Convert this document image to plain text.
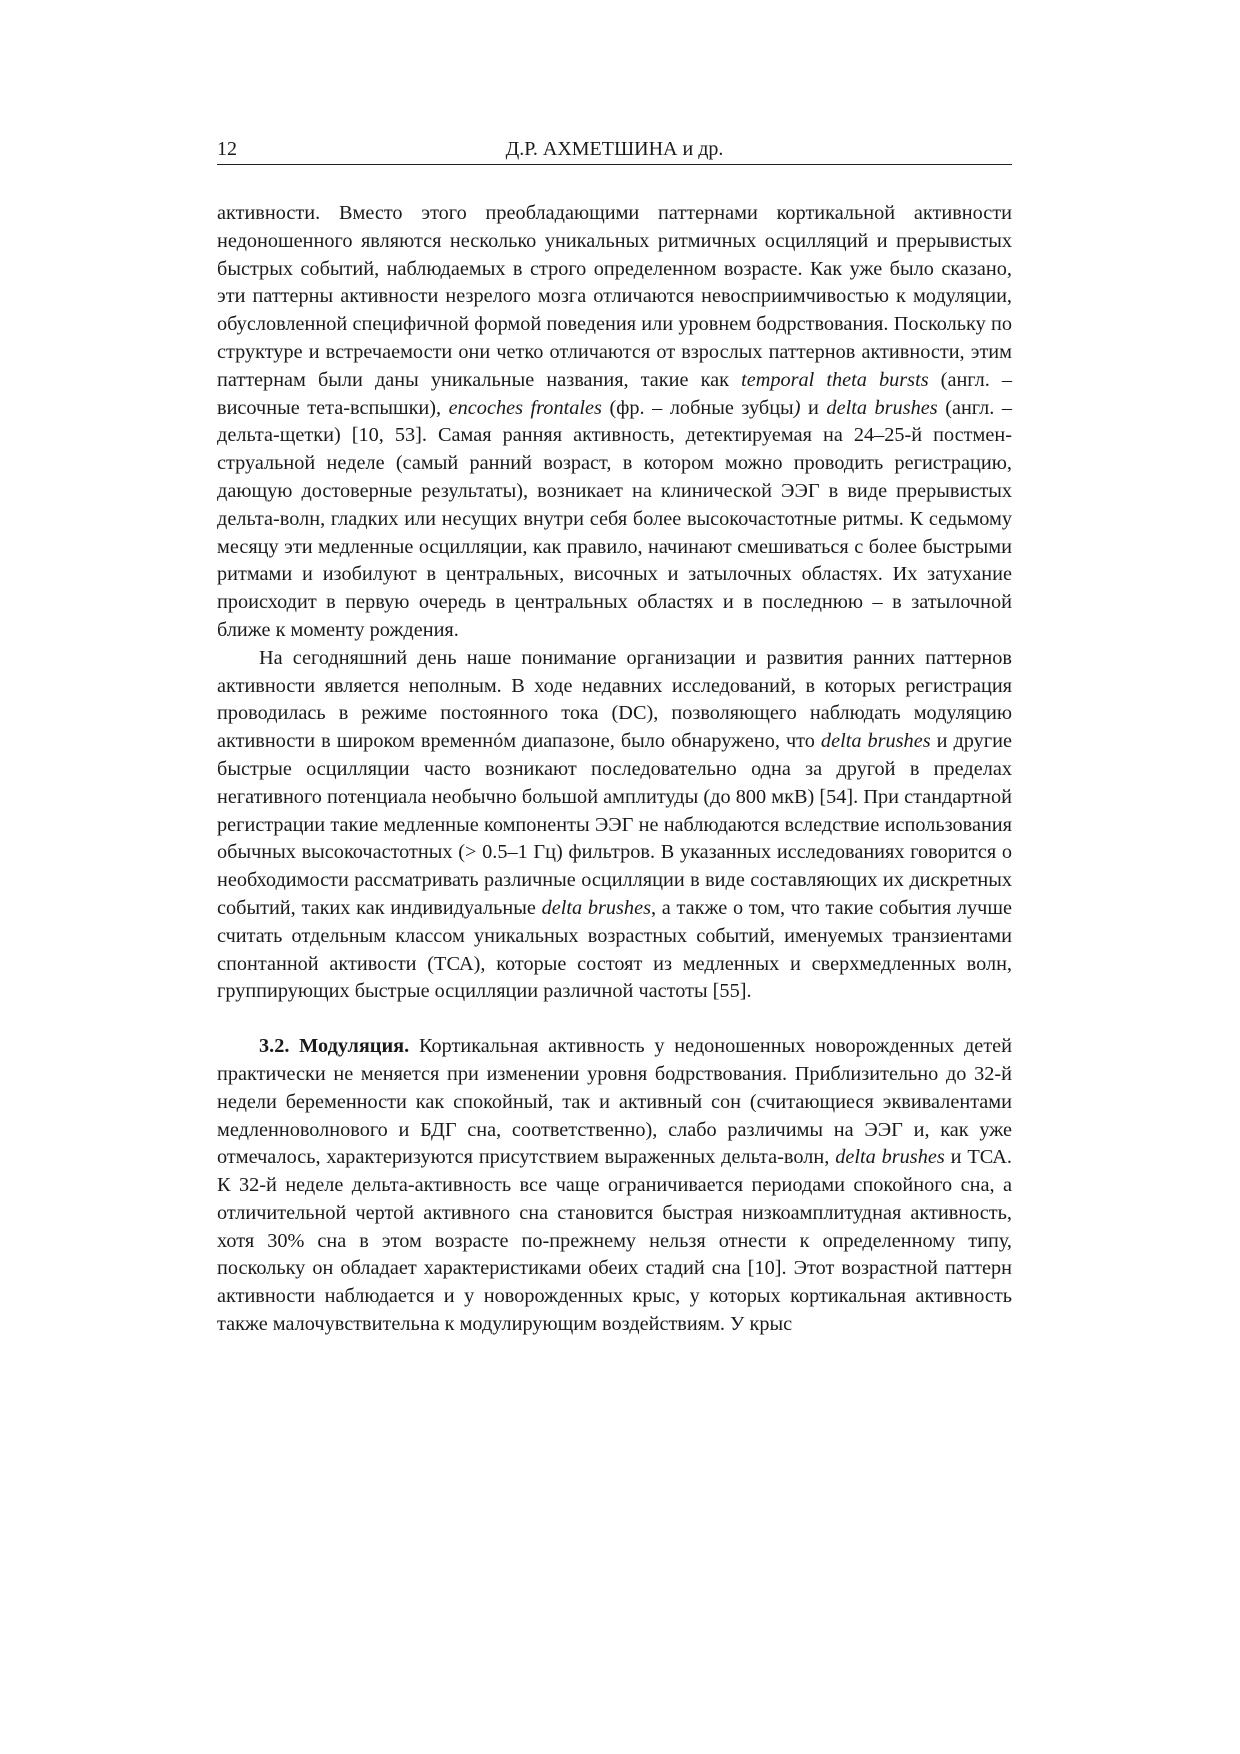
12	Д.Р. АХМЕТШИНА и др.

активности. Вместо этого преобладающими паттернами кортикальной активности недоношенного являются несколько уникальных ритмичных осцилляций и прерывистых быстрых событий, наблюдаемых в строго определенном возрасте. Как уже было сказано, эти паттерны активности незрелого мозга отличаются невосприимчивостью к модуляции, обусловленной специфичной формой поведения или уровнем бодрствования. Поскольку по структуре и встречаемости они четко отличаются от взрослых паттернов активности, этим паттернам были даны уникальные названия, такие как temporal theta bursts (англ. – височные тета-вспышки), encoches frontales (фр. – лобные зубцы) и delta brushes (англ. – дельта-щетки) [10, 53]. Самая ранняя активность, детектируемая на 24–25-й постменструальной неделе (самый ранний возраст, в котором можно проводить регистрацию, дающую достоверные результаты), возникает на клинической ЭЭГ в виде прерывистых дельта-волн, гладких или несущих внутри себя более высокочастотные ритмы. К седьмому месяцу эти медленные осцилляции, как правило, начинают смешиваться с более быстрыми ритмами и изобилуют в центральных, височных и затылочных областях. Их затухание происходит в первую очередь в центральных областях и в последнюю – в затылочной ближе к моменту рождения.

На сегодняшний день наше понимание организации и развития ранних паттернов активности является неполным. В ходе недавних исследований, в которых регистрация проводилась в режиме постоянного тока (DC), позволяющего наблюдать модуляцию активности в широком временнóм диапазоне, было обнаружено, что delta brushes и другие быстрые осцилляции часто возникают последовательно одна за другой в пределах негативного потенциала необычно большой амплитуды (до 800 мкВ) [54]. При стандартной регистрации такие медленные компоненты ЭЭГ не наблюдаются вследствие использования обычных высокочастотных (> 0.5–1 Гц) фильтров. В указанных исследованиях говорится о необходимости рассматривать различные осцилляции в виде составляющих их дискретных событий, таких как индивидуальные delta brushes, а также о том, что такие события лучше считать отдельным классом уникальных возрастных событий, именуемых транзиентами спонтанной активости (ТСА), которые состоят из медленных и сверхмедленных волн, группирующих быстрые осцилляции различной частоты [55].

3.2. Модуляция. Кортикальная активность у недоношенных новорожденных детей практически не меняется при изменении уровня бодрствования. Приблизительно до 32-й недели беременности как спокойный, так и активный сон (считающиеся эквивалентами медленноволнового и БДГ сна, соответственно), слабо различимы на ЭЭГ и, как уже отмечалось, характеризуются присутствием выраженных дельта-волн, delta brushes и ТСА. К 32-й неделе дельта-активность все чаще ограничивается периодами спокойного сна, а отличительной чертой активного сна становится быстрая низкоамплитудная активность, хотя 30% сна в этом возрасте по-прежнему нельзя отнести к определенному типу, поскольку он обладает характеристиками обеих стадий сна [10]. Этот возрастной паттерн активности наблюдается и у новорожденных крыс, у которых кортикальная активность также малочувствительна к модулирующим воздействиям. У крыс
